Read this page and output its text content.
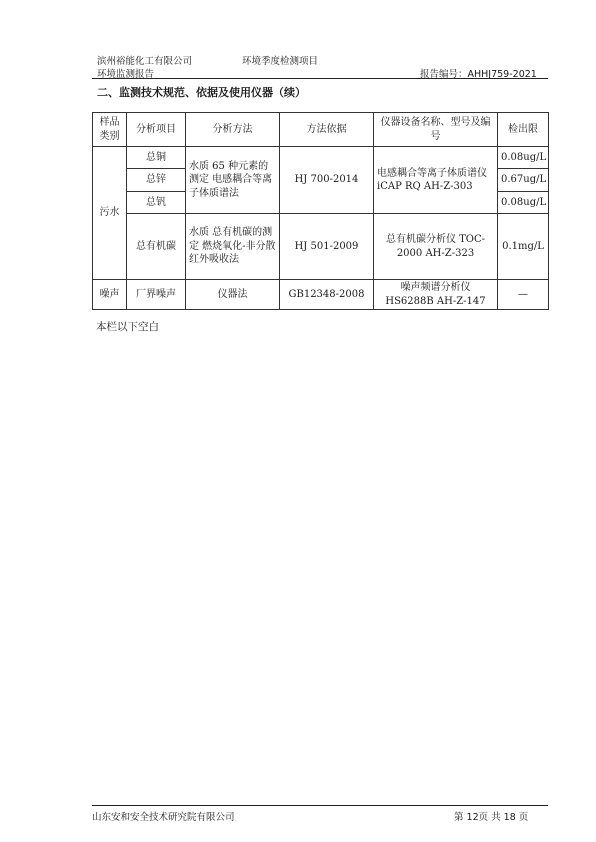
滨州裕能化工有限公司	环境季度检测项目
环境监测报告	报告编号：AHHJ759-2021
二、监测技术规范、依据及使用仪器（续）
样品类别	分析项目	分析方法	方法依据	仪器设备名称、型号及编号	检出限
污水	总铜	水质 65 种元素的测定 电感耦合等离子体质谱法	HJ 700-2014	电感耦合等离子体质谱仪 iCAP RQ AH-Z-303	0.08ug/L
	总锌				0.67ug/L
	总钒				0.08ug/L
	总有机碳	水质 总有机碳的测定 燃烧氧化-非分散红外吸收法	HJ 501-2009	总有机碳分析仪 TOC-2000 AH-Z-323	0.1mg/L
噪声	厂界噪声	仪器法	GB12348-2008	噪声频谱分析仪 HS6288B AH-Z-147	—
本栏以下空白
山东安和安全技术研究院有限公司	第 12页 共 18 页
